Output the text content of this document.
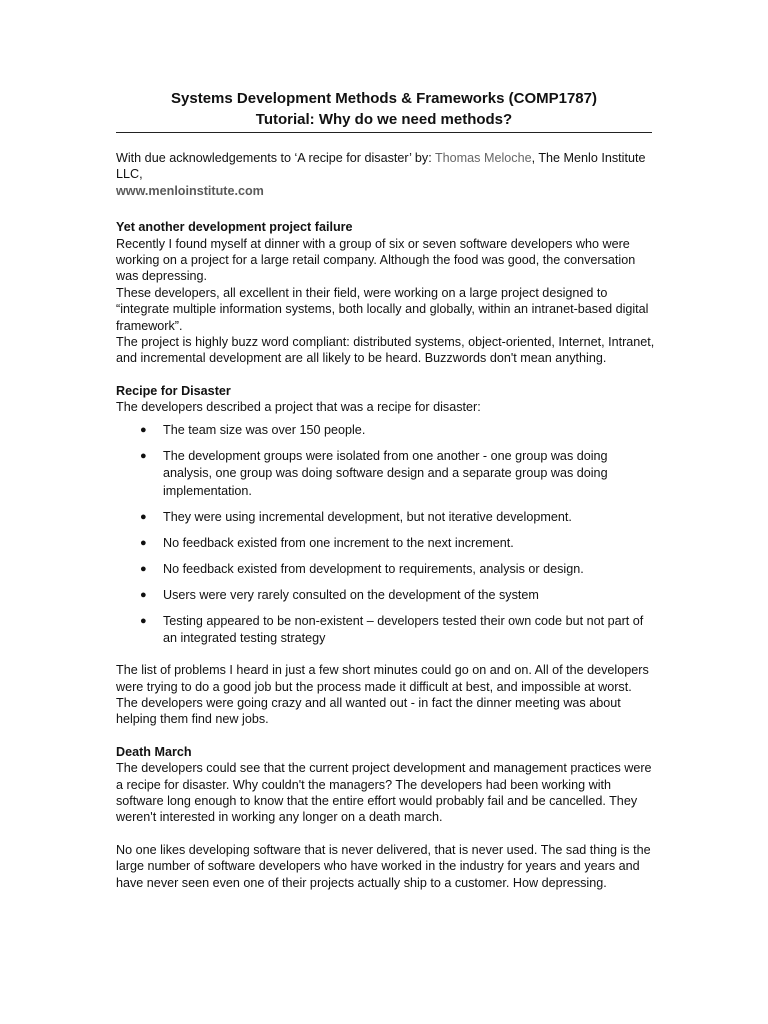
Systems Development Methods & Frameworks (COMP1787)
Tutorial: Why do we need methods?

With due acknowledgements to ‘A recipe for disaster’ by: Thomas Meloche, The Menlo Institute LLC,
www.menloinstitute.com

Yet another development project failure

Recently I found myself at dinner with a group of six or seven software developers who were working on a project for a large retail company. Although the food was good, the conversation was depressing.

These developers, all excellent in their field, were working on a large project designed to “integrate multiple information systems, both locally and globally, within an intranet-based digital framework”.

The project is highly buzz word compliant: distributed systems, object-oriented, Internet, Intranet, and incremental development are all likely to be heard. Buzzwords don't mean anything.

Recipe for Disaster

The developers described a project that was a recipe for disaster:

● The team size was over 150 people.
● The development groups were isolated from one another - one group was doing analysis, one group was doing software design and a separate group was doing implementation.
● They were using incremental development, but not iterative development.
● No feedback existed from one increment to the next increment.
● No feedback existed from development to requirements, analysis or design.
● Users were very rarely consulted on the development of the system
● Testing appeared to be non-existent – developers tested their own code but not part of an integrated testing strategy

The list of problems I heard in just a few short minutes could go on and on. All of the developers were trying to do a good job but the process made it difficult at best, and impossible at worst. The developers were going crazy and all wanted out - in fact the dinner meeting was about helping them find new jobs.

Death March

The developers could see that the current project development and management practices were a recipe for disaster. Why couldn't the managers? The developers had been working with software long enough to know that the entire effort would probably fail and be cancelled. They weren't interested in working any longer on a death march.

No one likes developing software that is never delivered, that is never used. The sad thing is the large number of software developers who have worked in the industry for years and years and have never seen even one of their projects actually ship to a customer. How depressing.
